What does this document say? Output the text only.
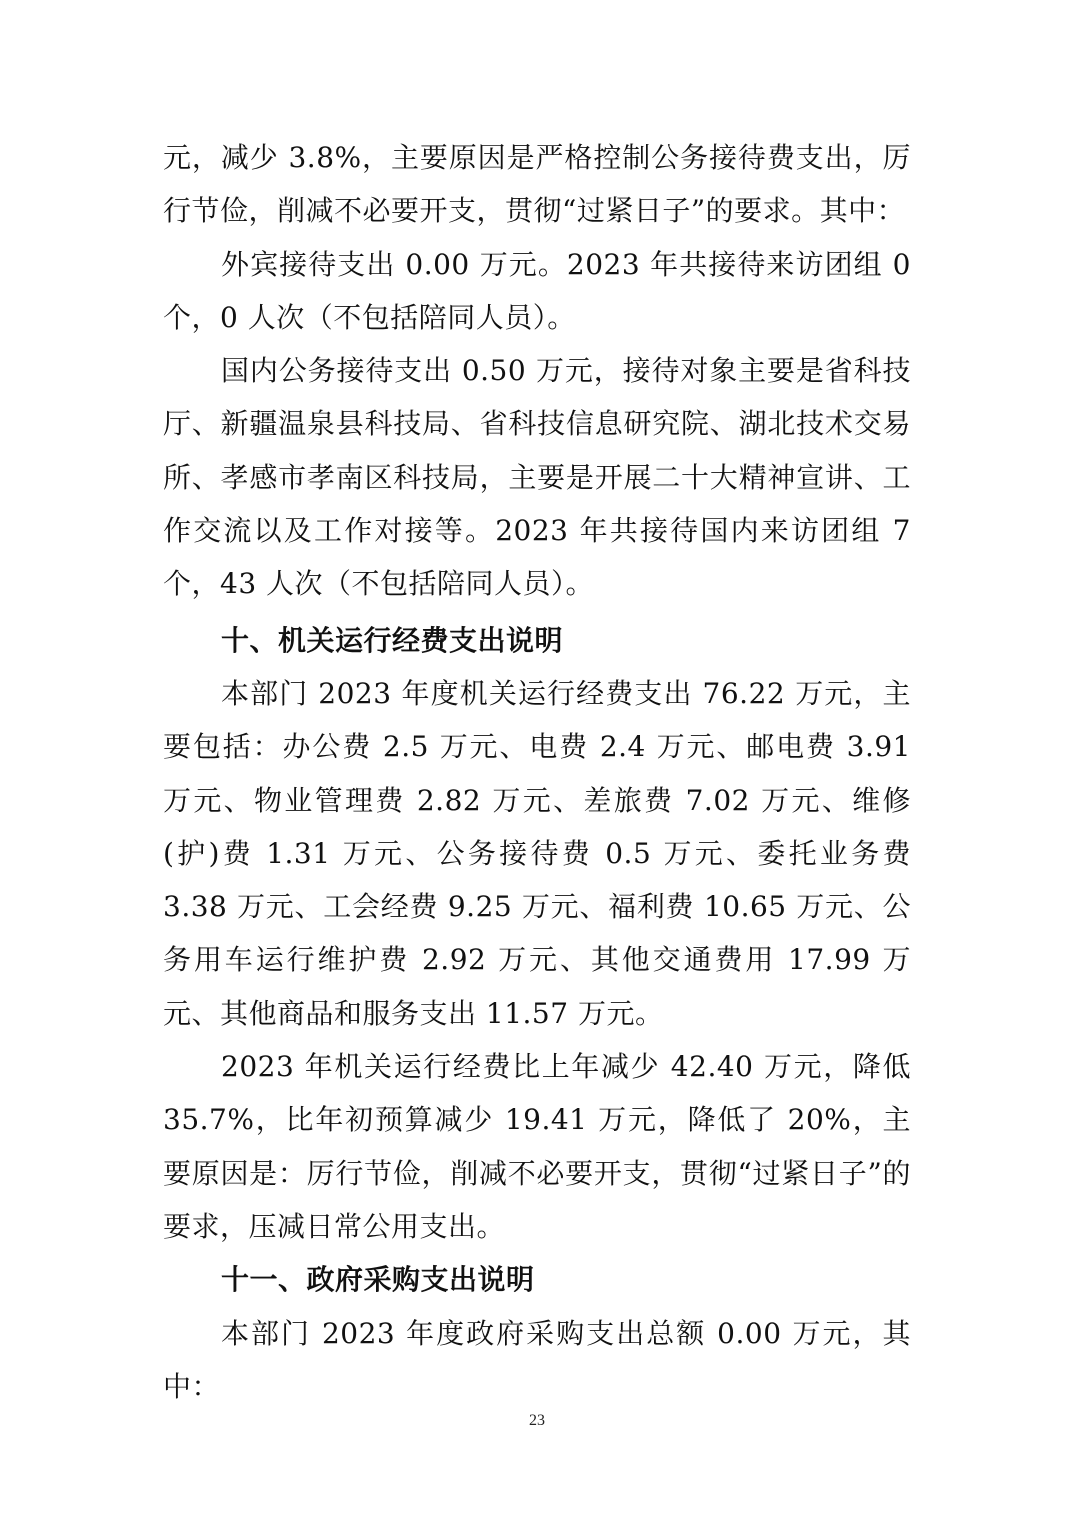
元，减少 3.8%，主要原因是严格控制公务接待费支出，厉行节俭，削减不必要开支，贯彻“过紧日子”的要求。其中：

外宾接待支出 0.00 万元。2023 年共接待来访团组 0 个，0 人次（不包括陪同人员）。

国内公务接待支出 0.50 万元，接待对象主要是省科技厅、新疆温泉县科技局、省科技信息研究院、湖北技术交易所、孝感市孝南区科技局，主要是开展二十大精神宣讲、工作交流以及工作对接等。2023 年共接待国内来访团组 7 个，43 人次（不包括陪同人员）。

十、机关运行经费支出说明

本部门 2023 年度机关运行经费支出 76.22 万元，主要包括：办公费 2.5 万元、电费 2.4 万元、邮电费 3.91 万元、物业管理费 2.82 万元、差旅费 7.02 万元、维修(护)费 1.31 万元、公务接待费 0.5 万元、委托业务费 3.38 万元、工会经费 9.25 万元、福利费 10.65 万元、公务用车运行维护费 2.92 万元、其他交通费用 17.99 万元、其他商品和服务支出 11.57 万元。

2023 年机关运行经费比上年减少 42.40 万元，降低 35.7%，比年初预算减少 19.41 万元，降低了 20%，主要原因是：厉行节俭，削减不必要开支，贯彻“过紧日子”的要求，压减日常公用支出。

十一、政府采购支出说明

本部门 2023 年度政府采购支出总额 0.00 万元，其中：

23
